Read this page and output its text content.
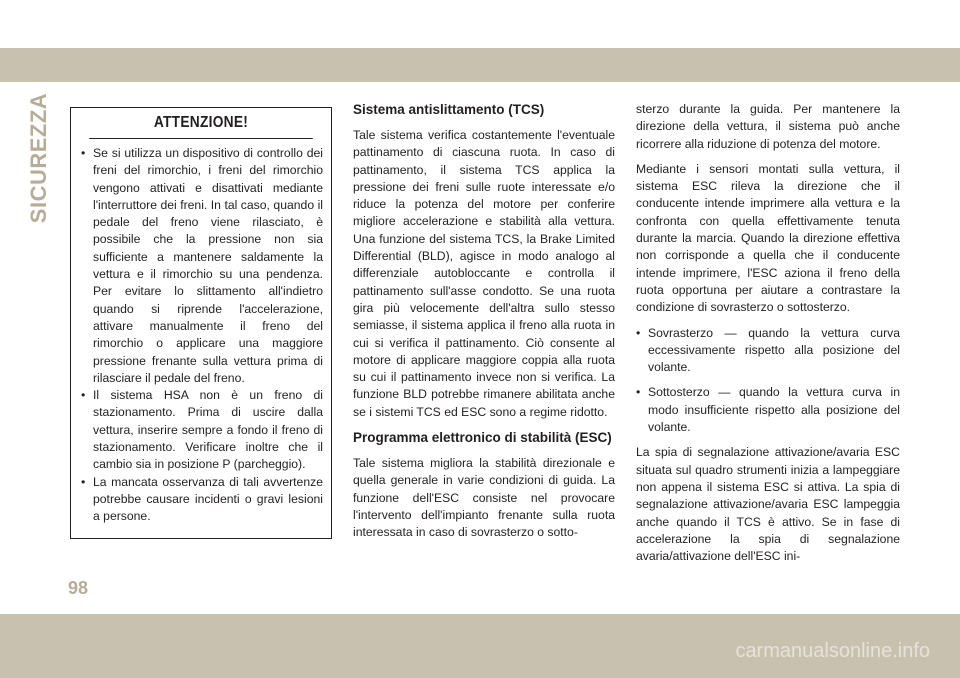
SICUREZZA	ATTENZIONE!
• Se si utilizza un dispositivo di controllo dei freni del rimorchio, i freni del rimorchio vengono attivati e disattivati mediante l'interruttore dei freni. In tal caso, quando il pedale del freno viene rilasciato, è possibile che la pressione non sia sufficiente a mantenere saldamente la vettura e il rimorchio su una pendenza. Per evitare lo slittamento all'indietro quando si riprende l'accelerazione, attivare manualmente il freno del rimorchio o applicare una maggiore pressione frenante sulla vettura prima di rilasciare il pedale del freno.
• Il sistema HSA non è un freno di stazionamento. Prima di uscire dalla vettura, inserire sempre a fondo il freno di stazionamento. Verificare inoltre che il cambio sia in posizione P (parcheggio).
• La mancata osservanza di tali avvertenze potrebbe causare incidenti o gravi lesioni a persone.
Sistema antislittamento (TCS)

Tale sistema verifica costantemente l'eventuale pattinamento di ciascuna ruota. In caso di pattinamento, il sistema TCS applica la pressione dei freni sulle ruote interessate e/o riduce la potenza del motore per conferire migliore accelerazione e stabilità alla vettura. Una funzione del sistema TCS, la Brake Limited Differential (BLD), agisce in modo analogo al differenziale autobloccante e controlla il pattinamento sull'asse condotto. Se una ruota gira più velocemente dell'altra sullo stesso semiasse, il sistema applica il freno alla ruota in cui si verifica il pattinamento. Ciò consente al motore di applicare maggiore coppia alla ruota su cui il pattinamento invece non si verifica. La funzione BLD potrebbe rimanere abilitata anche se i sistemi TCS ed ESC sono a regime ridotto.

Programma elettronico di stabilità (ESC)

Tale sistema migliora la stabilità direzionale e quella generale in varie condizioni di guida. La funzione dell'ESC consiste nel provocare l'intervento dell'impianto frenante sulla ruota interessata in caso di sovrasterzo o sotto-

sterzo durante la guida. Per mantenere la direzione della vettura, il sistema può anche ricorrere alla riduzione di potenza del motore.

Mediante i sensori montati sulla vettura, il sistema ESC rileva la direzione che il conducente intende imprimere alla vettura e la confronta con quella effettivamente tenuta durante la marcia. Quando la direzione effettiva non corrisponde a quella che il conducente intende imprimere, l'ESC aziona il freno della ruota opportuna per aiutare a contrastare la condizione di sovrasterzo o sottosterzo.

• Sovrasterzo — quando la vettura curva eccessivamente rispetto alla posizione del volante.
• Sottosterzo — quando la vettura curva in modo insufficiente rispetto alla posizione del volante.

La spia di segnalazione attivazione/avaria ESC situata sul quadro strumenti inizia a lampeggiare non appena il sistema ESC si attiva. La spia di segnalazione attivazione/avaria ESC lampeggia anche quando il TCS è attivo. Se in fase di accelerazione la spia di segnalazione avaria/attivazione dell'ESC ini-

98
carmanualsonline.info
